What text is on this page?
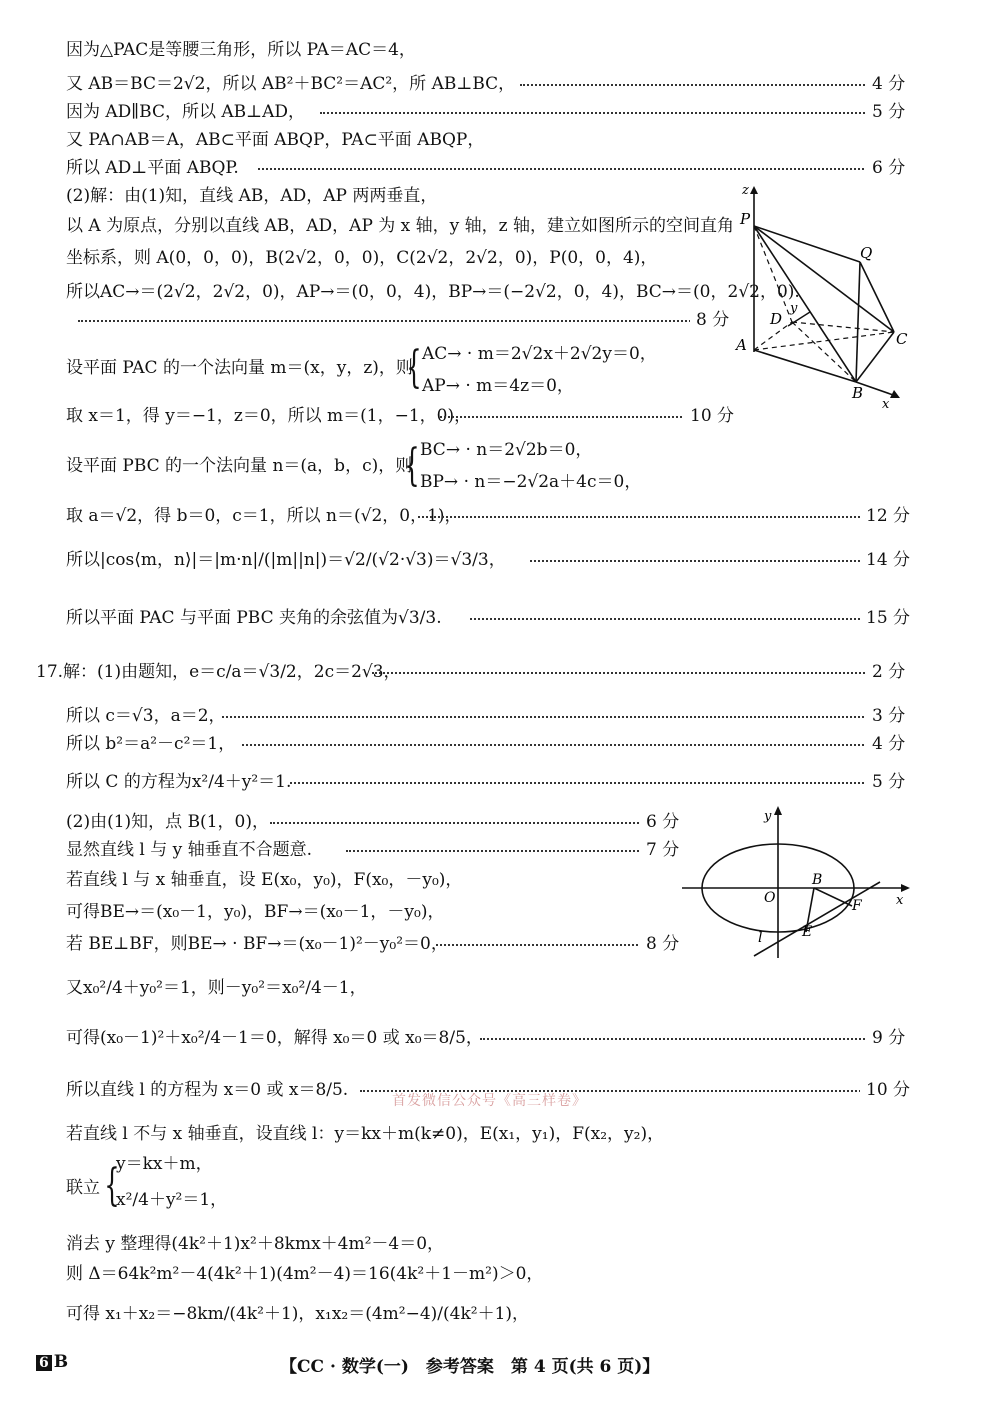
因为△PAC是等腰三角形，所以 PA＝AC＝4，
又 AB＝BC＝2√2，所以 AB²＋BC²＝AC²，所 AB⊥BC，	4 分
因为 AD∥BC，所以 AB⊥AD，	5 分
又 PA∩AB＝A，AB⊂平面 ABQP，PA⊂平面 ABQP，
所以 AD⊥平面 ABQP.	6 分
(2)解：由(1)知，直线 AB，AD，AP 两两垂直，
以 A 为原点，分别以直线 AB，AD，AP 为 x 轴，y 轴，z 轴，建立如图所示的空间直角
坐标系，则 A(0，0，0)，B(2√2，0，0)，C(2√2，2√2，0)，P(0，0，4)，
所以AC→＝(2√2，2√2，0)，AP→＝(0，0，4)，BP→＝(−2√2，0，4)，BC→＝(0，2√2，0).
8 分
设平面 PAC 的一个法向量 m＝(x，y，z)，则
{ AC→ · m＝2√2x＋2√2y＝0，
AP→ · m＝4z＝0，
取 x＝1，得 y＝−1，z＝0，所以 m＝(1，−1，0)，	10 分
设平面 PBC 的一个法向量 n＝(a，b，c)，则
{ BC→ · n＝2√2b＝0，
BP→ · n＝−2√2a＋4c＝0，
取 a＝√2，得 b＝0，c＝1，所以 n＝(√2，0，1)，	12 分
所以|cos⟨m，n⟩|＝|m·n|/(|m||n|)＝√2/(√2·√3)＝√3/3，	14 分
所以平面 PAC 与平面 PBC 夹角的余弦值为√3/3.	15 分
z
P
Q
y
D
A	C
B
x
17.解：(1)由题知，e＝c/a＝√3/2，2c＝2√3，	2 分
所以 c＝√3，a＝2，	3 分
所以 b²＝a²－c²＝1，	4 分
所以 C 的方程为x²/4＋y²＝1.	5 分
(2)由(1)知，点 B(1，0)，	6 分
显然直线 l 与 y 轴垂直不合题意.	7 分
若直线 l 与 x 轴垂直，设 E(x₀，y₀)，F(x₀，－y₀)，
可得BE→＝(x₀－1，y₀)，BF→＝(x₀－1，－y₀)，
若 BE⊥BF，则BE→ · BF→＝(x₀－1)²－y₀²＝0，	8 分
又x₀²/4＋y₀²＝1，则－y₀²＝x₀²/4－1，
可得(x₀－1)²＋x₀²/4－1＝0，解得 x₀＝0 或 x₀＝8/5，	9 分
所以直线 l 的方程为 x＝0 或 x＝8/5.	10 分
首发微信公众号《高三样卷》
若直线 l 不与 x 轴垂直，设直线 l：y＝kx＋m(k≠0)，E(x₁，y₁)，F(x₂，y₂)，
联立 {
y＝kx＋m，
x²/4＋y²＝1，
消去 y 整理得(4k²＋1)x²＋8kmx＋4m²－4＝0，
则 Δ＝64k²m²－4(4k²＋1)(4m²－4)＝16(4k²＋1－m²)＞0，
可得 x₁＋x₂＝−8km/(4k²＋1)，x₁x₂＝(4m²−4)/(4k²＋1)，
y
O
B
F	x
l	E
6 B	【CC · 数学(一)　参考答案　第 4 页(共 6 页)】
